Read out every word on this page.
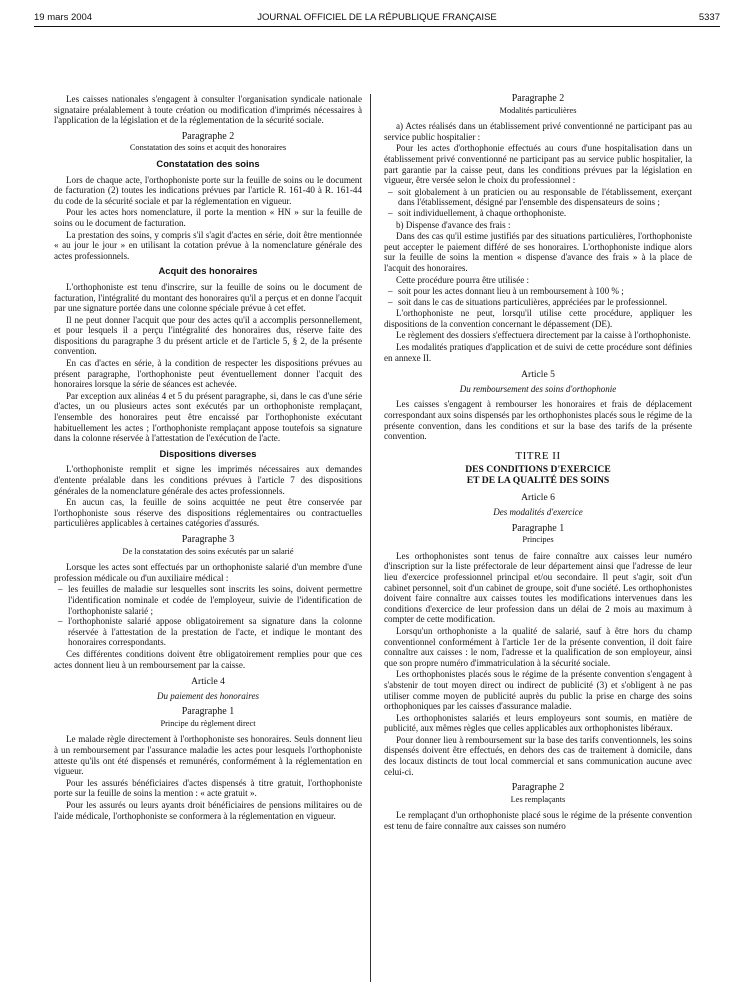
19 mars 2004	JOURNAL OFFICIEL DE LA RÉPUBLIQUE FRANÇAISE	5337

Les caisses nationales s'engagent à consulter l'organisation syndicale nationale signataire préalablement à toute création ou modification d'imprimés nécessaires à l'application de la législation et de la réglementation de la sécurité sociale.

Paragraphe 2
Constatation des soins et acquit des honoraires
Constatation des soins

Lors de chaque acte, l'orthophoniste porte sur la feuille de soins ou le document de facturation (2) toutes les indications prévues par l'article R. 161-40 à R. 161-44 du code de la sécurité sociale et par la réglementation en vigueur.

Pour les actes hors nomenclature, il porte la mention « HN » sur la feuille de soins ou le document de facturation.

La prestation des soins, y compris s'il s'agit d'actes en série, doit être mentionnée « au jour le jour » en utilisant la cotation prévue à la nomenclature générale des actes professionnels.

Acquit des honoraires

L'orthophoniste est tenu d'inscrire, sur la feuille de soins ou le document de facturation, l'intégralité du montant des honoraires qu'il a perçus et en donne l'acquit par une signature portée dans une colonne spéciale prévue à cet effet.

Il ne peut donner l'acquit que pour des actes qu'il a accomplis personnellement, et pour lesquels il a perçu l'intégralité des honoraires dus, réserve faite des dispositions du paragraphe 3 du présent article et de l'article 5, § 2, de la présente convention.

En cas d'actes en série, à la condition de respecter les dispositions prévues au présent paragraphe, l'orthophoniste peut éventuellement donner l'acquit des honoraires lorsque la série de séances est achevée.

Par exception aux alinéas 4 et 5 du présent paragraphe, si, dans le cas d'une série d'actes, un ou plusieurs actes sont exécutés par un orthophoniste remplaçant, l'ensemble des honoraires peut être encaissé par l'orthophoniste exécutant habituellement les actes ; l'orthophoniste remplaçant appose toutefois sa signature dans la colonne réservée à l'attestation de l'exécution de l'acte.

Dispositions diverses

L'orthophoniste remplit et signe les imprimés nécessaires aux demandes d'entente préalable dans les conditions prévues à l'article 7 des dispositions générales de la nomenclature générale des actes professionnels.

En aucun cas, la feuille de soins acquittée ne peut être conservée par l'orthophoniste sous réserve des dispositions réglementaires ou contractuelles particulières applicables à certaines catégories d'assurés.

Paragraphe 3
De la constatation des soins exécutés par un salarié

Lorsque les actes sont effectués par un orthophoniste salarié d'un membre d'une profession médicale ou d'un auxiliaire médical :

– les feuilles de maladie sur lesquelles sont inscrits les soins, doivent permettre l'identification nominale et codée de l'employeur, suivie de l'identification de l'orthophoniste salarié ;
– l'orthophoniste salarié appose obligatoirement sa signature dans la colonne réservée à l'attestation de la prestation de l'acte, et indique le montant des honoraires correspondants.

Ces différentes conditions doivent être obligatoirement remplies pour que ces actes donnent lieu à un remboursement par la caisse.

Article 4
Du paiement des honoraires
Paragraphe 1
Principe du règlement direct

Le malade règle directement à l'orthophoniste ses honoraires. Seuls donnent lieu à un remboursement par l'assurance maladie les actes pour lesquels l'orthophoniste atteste qu'ils ont été dispensés et remunérés, conformément à la réglementation en vigueur.

Pour les assurés bénéficiaires d'actes dispensés à titre gratuit, l'orthophoniste porte sur la feuille de soins la mention : « acte gratuit ».

Pour les assurés ou leurs ayants droit bénéficiaires de pensions militaires ou de l'aide médicale, l'orthophoniste se conformera à la réglementation en vigueur.

Paragraphe 2
Modalités particulières

a) Actes réalisés dans un établissement privé conventionné ne participant pas au service public hospitalier :

Pour les actes d'orthophonie effectués au cours d'une hospitalisation dans un établissement privé conventionné ne participant pas au service public hospitalier, la part garantie par la caisse peut, dans les conditions prévues par la législation en vigueur, être versée selon le choix du professionnel :

– soit globalement à un praticien ou au responsable de l'établissement, exerçant dans l'établissement, désigné par l'ensemble des dispensateurs de soins ;
– soit individuellement, à chaque orthophoniste.

b) Dispense d'avance des frais :

Dans des cas qu'il estime justifiés par des situations particulières, l'orthophoniste peut accepter le paiement différé de ses honoraires. L'orthophoniste indique alors sur la feuille de soins la mention « dispense d'avance des frais » à la place de l'acquit des honoraires.

Cette procédure pourra être utilisée :

– soit pour les actes donnant lieu à un remboursement à 100 % ;
– soit dans le cas de situations particulières, appréciées par le professionnel.

L'orthophoniste ne peut, lorsqu'il utilise cette procédure, appliquer les dispositions de la convention concernant le dépassement (DE).

Le règlement des dossiers s'effectuera directement par la caisse à l'orthophoniste.

Les modalités pratiques d'application et de suivi de cette procédure sont définies en annexe II.

Article 5
Du remboursement des soins d'orthophonie

Les caisses s'engagent à rembourser les honoraires et frais de déplacement correspondant aux soins dispensés par les orthophonistes placés sous le régime de la présente convention, dans les conditions et sur la base des tarifs de la présente convention.

TITRE II
DES CONDITIONS D'EXERCICE
ET DE LA QUALITÉ DES SOINS
Article 6
Des modalités d'exercice
Paragraphe 1
Principes

Les orthophonistes sont tenus de faire connaître aux caisses leur numéro d'inscription sur la liste préfectorale de leur département ainsi que l'adresse de leur lieu d'exercice professionnel principal et/ou secondaire. Il peut s'agir, soit d'un cabinet personnel, soit d'un cabinet de groupe, soit d'une société. Les orthophonistes doivent faire connaître aux caisses toutes les modifications intervenues dans les conditions d'exercice de leur profession dans un délai de 2 mois au maximum à compter de cette modification.

Lorsqu'un orthophoniste a la qualité de salarié, sauf à être hors du champ conventionnel conformément à l'article 1er de la présente convention, il doit faire connaître aux caisses : le nom, l'adresse et la qualification de son employeur, ainsi que son propre numéro d'immatriculation à la sécurité sociale.

Les orthophonistes placés sous le régime de la présente convention s'engagent à s'abstenir de tout moyen direct ou indirect de publicité (3) et s'obligent à ne pas utiliser comme moyen de publicité auprès du public la prise en charge des soins orthophoniques par les caisses d'assurance maladie.

Les orthophonistes salariés et leurs employeurs sont soumis, en matière de publicité, aux mêmes règles que celles applicables aux orthophonistes libéraux.

Pour donner lieu à remboursement sur la base des tarifs conventionnels, les soins dispensés doivent être effectués, en dehors des cas de traitement à domicile, dans des locaux distincts de tout local commercial et sans communication aucune avec celui-ci.

Paragraphe 2
Les remplaçants

Le remplaçant d'un orthophoniste placé sous le régime de la présente convention est tenu de faire connaître aux caisses son numéro
